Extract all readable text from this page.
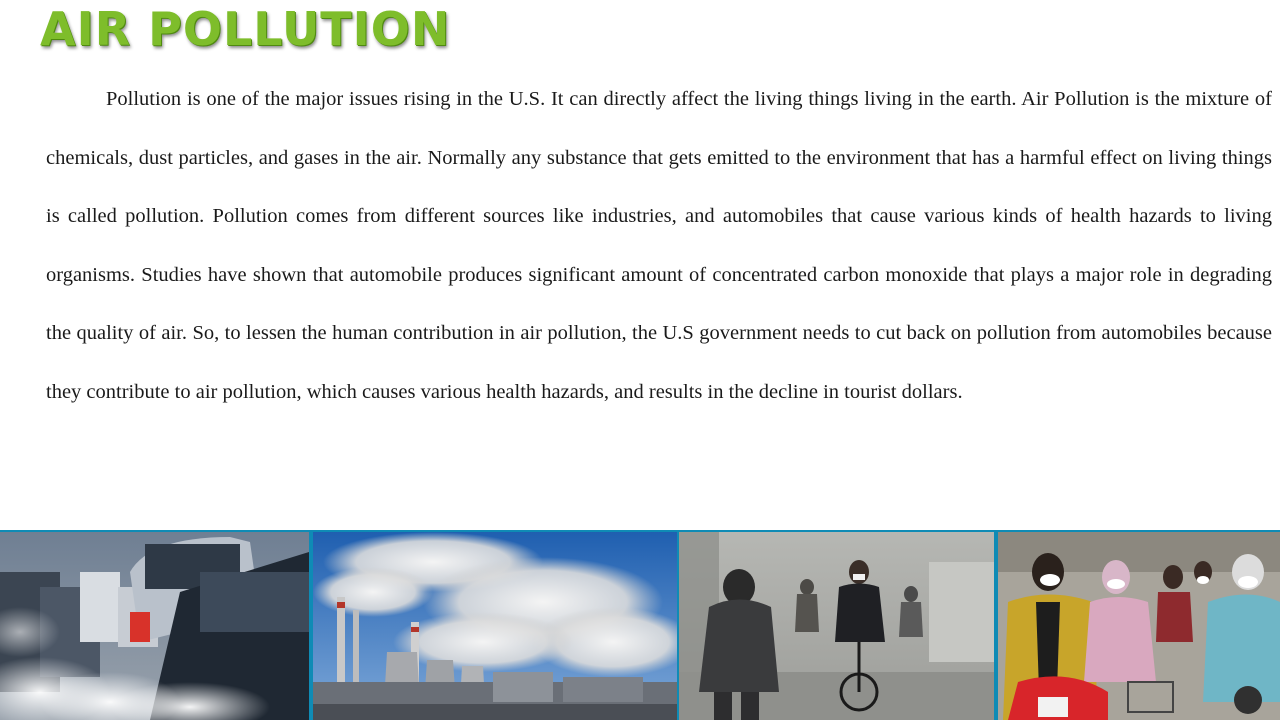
AIR POLLUTION

Pollution is one of the major issues rising in the U.S. It can directly affect the living things living in the earth. Air Pollution is the mixture of chemicals, dust particles, and gases in the air. Normally any substance that gets emitted to the environment that has a harmful effect on living things is called pollution. Pollution comes from different sources like industries, and automobiles that cause various kinds of health hazards to living organisms. Studies have shown that automobile produces significant amount of concentrated carbon monoxide that plays a major role in degrading the quality of air. So, to lessen the human contribution in air pollution, the U.S government needs to cut back on pollution from automobiles because they contribute to air pollution, which causes various health hazards, and results in the decline in tourist dollars.
